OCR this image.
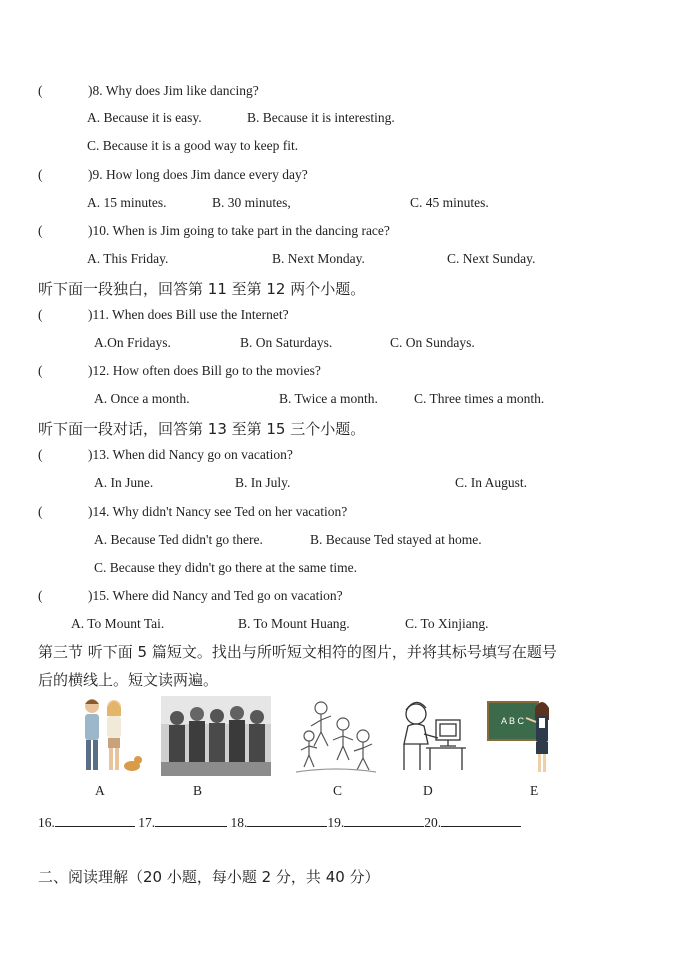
(	)8. Why does Jim like dancing?
A. Because it is easy.	B. Because it is interesting.
C. Because it is a good way to keep fit.
(	)9. How long does Jim dance every day?
A. 15 minutes.	B. 30 minutes,	C. 45 minutes.
(	)10. When is Jim going to take part in the dancing race?
A. This Friday.	B. Next Monday.	C. Next Sunday.
听下面一段独白，回答第 11 至第 12 两个小题。
(	)11. When does Bill use the Internet?
A.On Fridays.	B. On Saturdays.	C. On Sundays.
(	)12. How often does Bill go to the movies?
A. Once a month.	B. Twice a month.	C. Three times a month.
听下面一段对话，回答第 13 至第 15 三个小题。
(	)13. When did Nancy go on vacation?
A. In June.	B. In July.	C. In August.
(	)14. Why didn't Nancy see Ted on her vacation?
A. Because Ted didn't go there.	B. Because Ted stayed at home.
C. Because they didn't go there at the same time.
(	)15. Where did Nancy and Ted go on vacation?
A. To Mount Tai.	B. To Mount Huang.	C. To Xinjiang.
第三节 听下面 5 篇短文。找出与所听短文相符的图片，并将其标号填写在题号
后的横线上。短文读两遍。
A B C
A	B	C	D	E
16.	17.	18.	19.	20.
二、阅读理解（20 小题，每小题 2 分，共 40 分）
